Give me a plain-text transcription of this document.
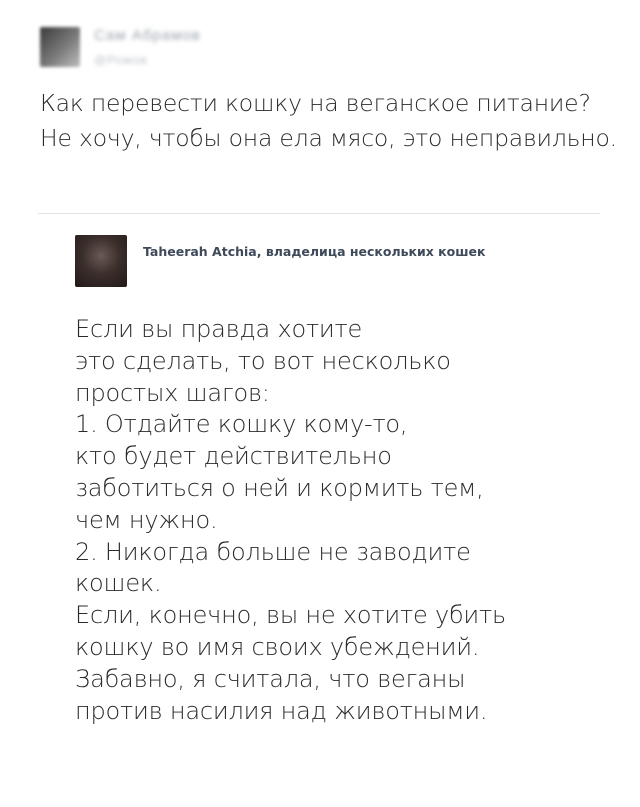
Сам Абрамов
@Ромов

Как перевести кошку на веганское питание? Не хочу, чтобы она ела мясо, это неправильно.

Taheerah Atchia, владелица нескольких кошек

Если вы правда хотите
это сделать, то вот несколько
простых шагов:
1. Отдайте кошку кому-то,
кто будет действительно
заботиться о ней и кормить тем,
чем нужно.
2. Никогда больше не заводите
кошек.
Если, конечно, вы не хотите убить
кошку во имя своих убеждений.
Забавно, я считала, что веганы
против насилия над животными.
